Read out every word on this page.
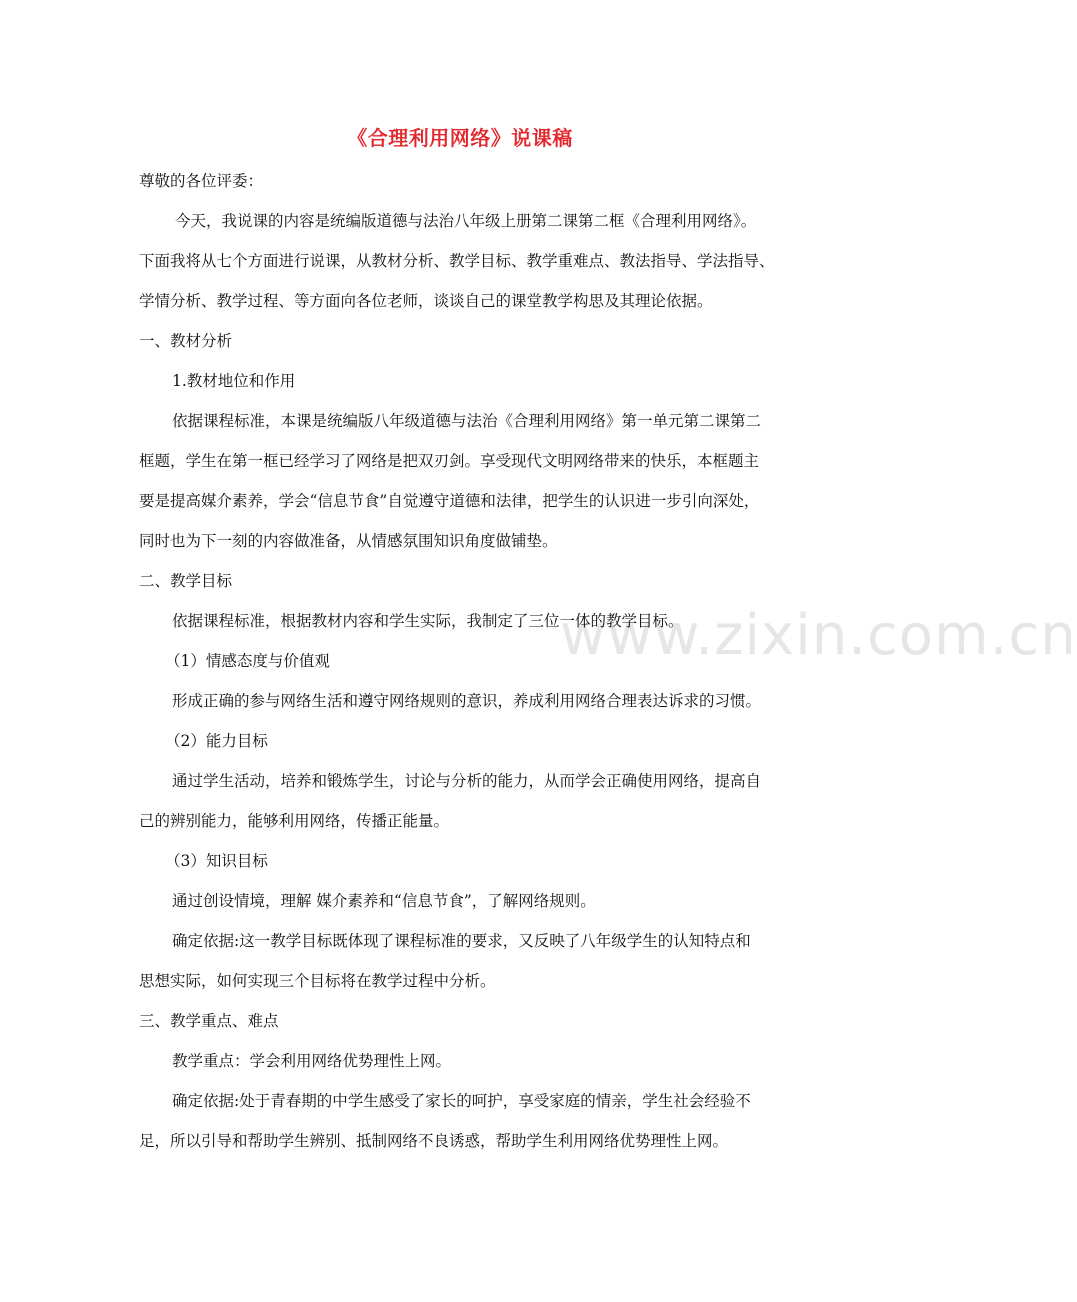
www.zixin.com.cn
《合理利用网络》说课稿
尊敬的各位评委：
今天，我说课的内容是统编版道德与法治八年级上册第二课第二框《合理利用网络》。
下面我将从七个方面进行说课，从教材分析、教学目标、教学重难点、教法指导、学法指导、
学情分析、教学过程、等方面向各位老师，谈谈自己的课堂教学构思及其理论依据。
一、教材分析
1.教材地位和作用
依据课程标准，本课是统编版八年级道德与法治《合理利用网络》第一单元第二课第二
框题，学生在第一框已经学习了网络是把双刃剑。享受现代文明网络带来的快乐，本框题主
要是提高媒介素养，学会“信息节食”自觉遵守道德和法律，把学生的认识进一步引向深处，
同时也为下一刻的内容做准备，从情感氛围知识角度做铺垫。
二、教学目标
依据课程标准，根据教材内容和学生实际，我制定了三位一体的教学目标。
（1）情感态度与价值观
形成正确的参与网络生活和遵守网络规则的意识，养成利用网络合理表达诉求的习惯。
（2）能力目标
通过学生活动，培养和锻炼学生，讨论与分析的能力，从而学会正确使用网络，提高自
己的辨别能力，能够利用网络，传播正能量。
（3）知识目标
通过创设情境，理解 媒介素养和“信息节食”，了解网络规则。
确定依据:这一教学目标既体现了课程标准的要求，又反映了八年级学生的认知特点和
思想实际，如何实现三个目标将在教学过程中分析。
三、教学重点、难点
教学重点：学会利用网络优势理性上网。
确定依据:处于青春期的中学生感受了家长的呵护，享受家庭的情亲，学生社会经验不
足，所以引导和帮助学生辨别、抵制网络不良诱惑，帮助学生利用网络优势理性上网。
